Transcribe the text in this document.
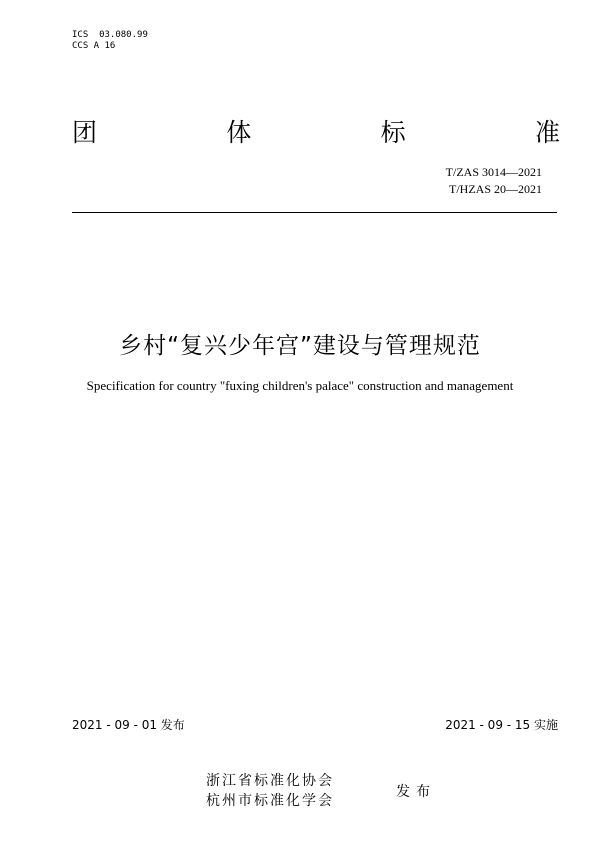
ICS  03.080.99
CCS A 16
团	体	标	准
T/ZAS 3014—2021
T/HZAS 20—2021
乡村“复兴少年宫”建设与管理规范
Specification for country "fuxing children's palace" construction and management
2021 - 09 - 01 发布	2021 - 09 - 15 实施
浙江省标准化协会
杭州市标准化学会
发布
